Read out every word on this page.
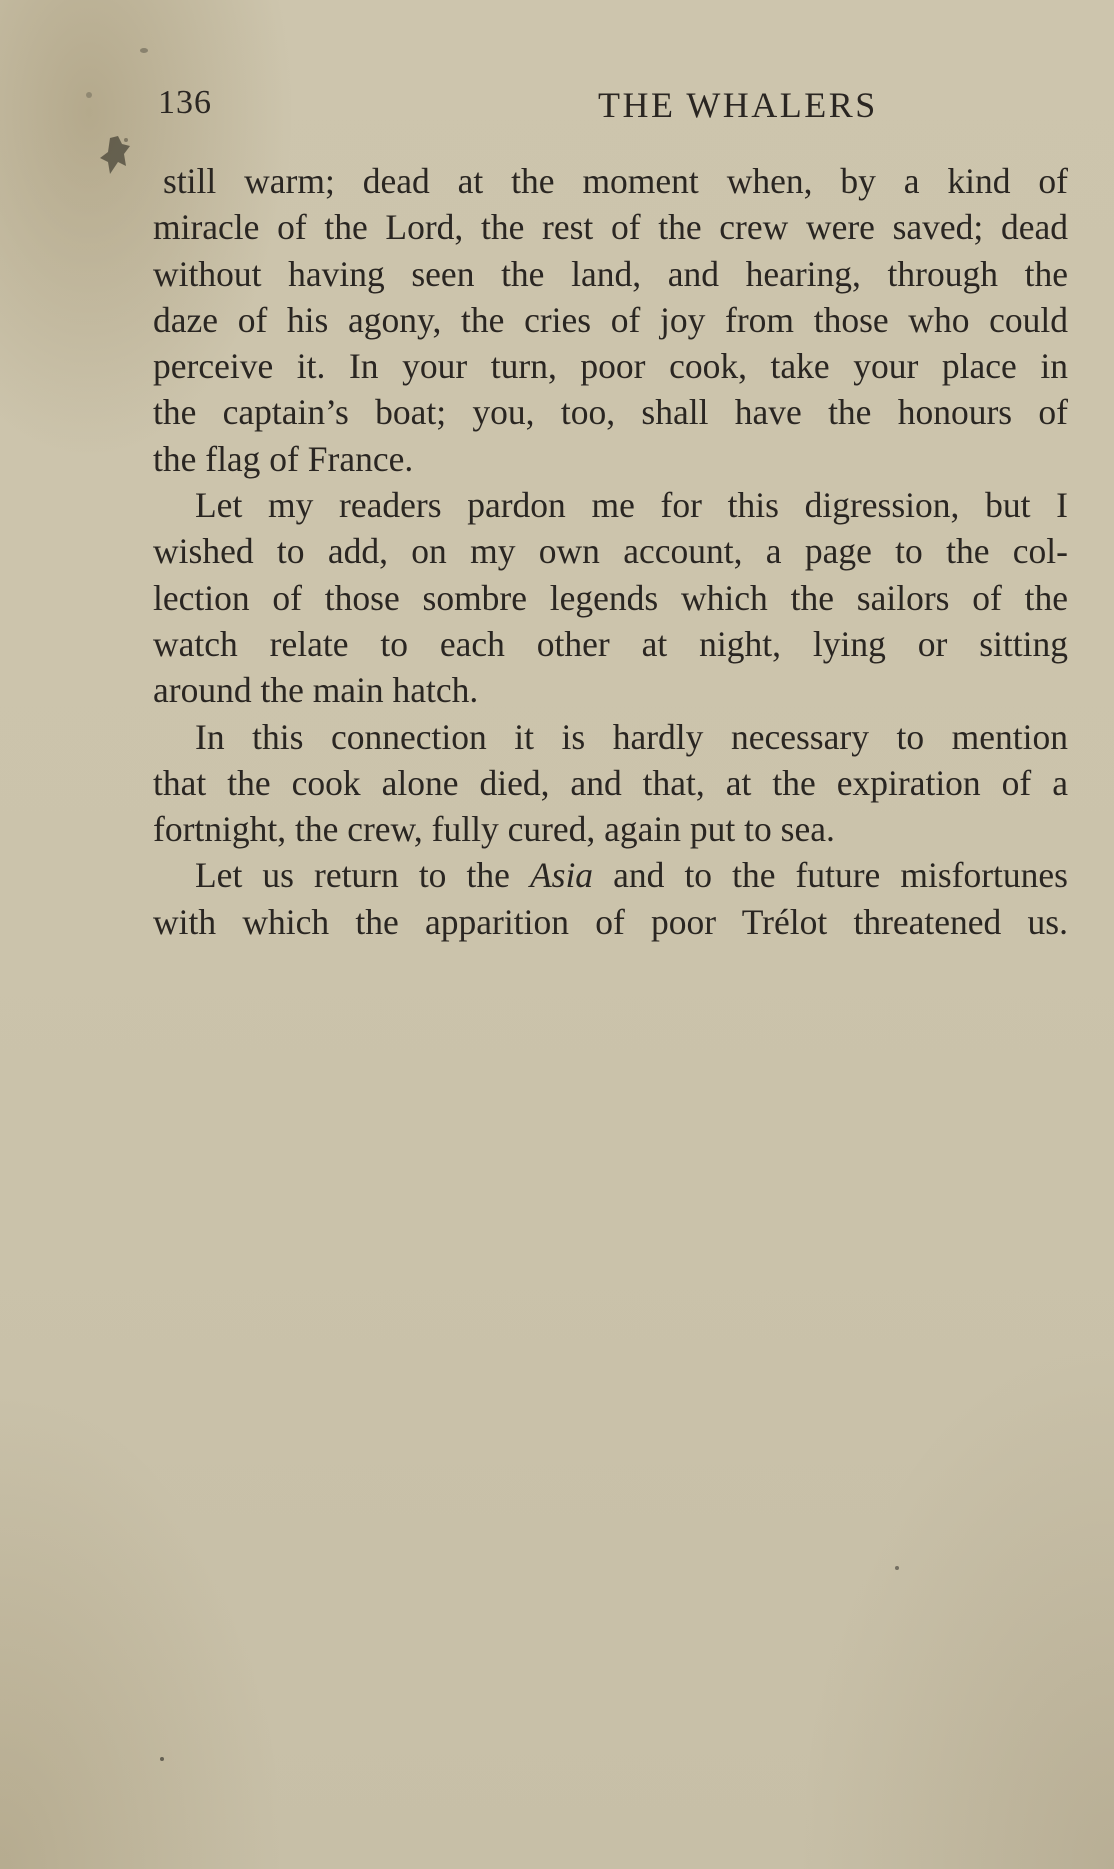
136	THE WHALERS
still warm; dead at the moment when, by a kind of
miracle of the Lord, the rest of the crew were saved; dead
without having seen the land, and hearing, through the
daze of his agony, the cries of joy from those who could
perceive it. In your turn, poor cook, take your place in
the captain’s boat; you, too, shall have the honours of
the flag of France.
Let my readers pardon me for this digression, but I
wished to add, on my own account, a page to the col-
lection of those sombre legends which the sailors of the
watch relate to each other at night, lying or sitting
around the main hatch.
In this connection it is hardly necessary to mention
that the cook alone died, and that, at the expiration of a
fortnight, the crew, fully cured, again put to sea.
Let us return to the Asia and to the future misfortunes
with which the apparition of poor Trélot threatened us.
